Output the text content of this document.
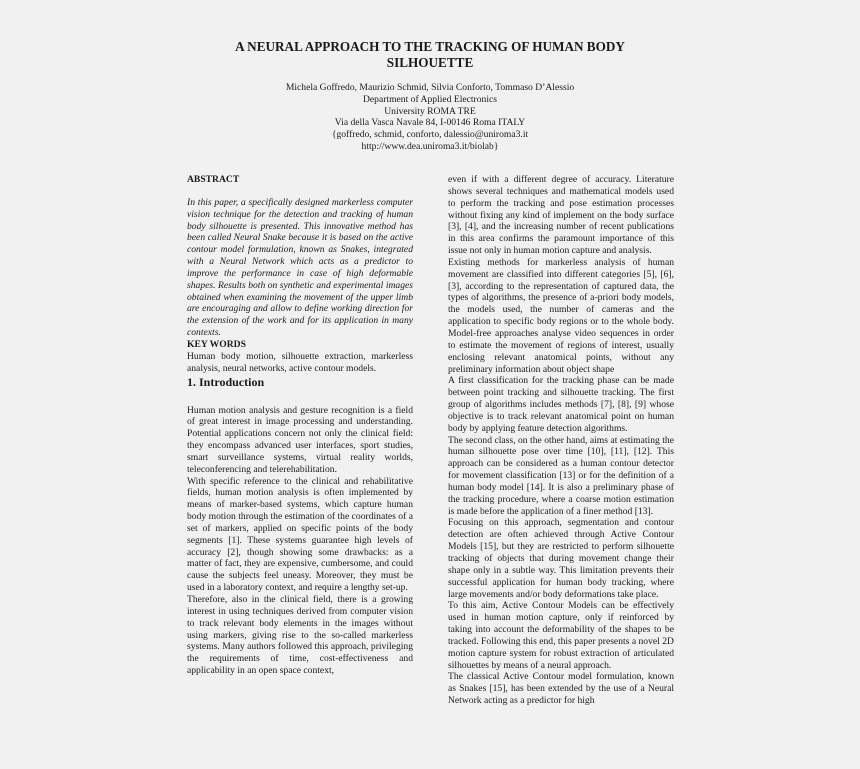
A NEURAL APPROACH TO THE TRACKING OF HUMAN BODY
SILHOUETTE
Michela Goffredo, Maurizio Schmid, Silvia Conforto, Tommaso D’Alessio
Department of Applied Electronics
University ROMA TRE
Via della Vasca Navale 84, I-00146 Roma ITALY
{goffredo, schmid, conforto, dalessio@uniroma3.it
http://www.dea.uniroma3.it/biolab}

ABSTRACT

In this paper, a specifically designed markerless computer vision technique for the detection and tracking of human body silhouette is presented. This innovative method has been called Neural Snake because it is based on the active contour model formulation, known as Snakes, integrated with a Neural Network which acts as a predictor to improve the performance in case of high deformable shapes. Results both on synthetic and experimental images obtained when examining the movement of the upper limb are encouraging and allow to define working direction for the extension of the work and for its application in many contexts.

KEY WORDS

Human body motion, silhouette extraction, markerless analysis, neural networks, active contour models.

1. Introduction

Human motion analysis and gesture recognition is a field of great interest in image processing and understanding. Potential applications concern not only the clinical field: they encompass advanced user interfaces, sport studies, smart surveillance systems, virtual reality worlds, teleconferencing and telerehabilitation.

With specific reference to the clinical and rehabilitative fields, human motion analysis is often implemented by means of marker-based systems, which capture human body motion through the estimation of the coordinates of a set of markers, applied on specific points of the body segments [1]. These systems guarantee high levels of accuracy [2], though showing some drawbacks: as a matter of fact, they are expensive, cumbersome, and could cause the subjects feel uneasy. Moreover, they must be used in a laboratory context, and require a lengthy set-up.

Therefore, also in the clinical field, there is a growing interest in using techniques derived from computer vision to track relevant body elements in the images without using markers, giving rise to the so-called markerless systems. Many authors followed this approach, privileging the requirements of time, cost-effectiveness and applicability in an open space context,

even if with a different degree of accuracy. Literature shows several techniques and mathematical models used to perform the tracking and pose estimation processes without fixing any kind of implement on the body surface [3], [4], and the increasing number of recent publications in this area confirms the paramount importance of this issue not only in human motion capture and analysis.

Existing methods for markerless analysis of human movement are classified into different categories [5], [6], [3], according to the representation of captured data, the types of algorithms, the presence of a-priori body models, the models used, the number of cameras and the application to specific body regions or to the whole body. Model-free approaches analyse video sequences in order to estimate the movement of regions of interest, usually enclosing relevant anatomical points, without any preliminary information about object shape

A first classification for the tracking phase can be made between point tracking and silhouette tracking. The first group of algorithms includes methods [7], [8], [9] whose objective is to track relevant anatomical point on human body by applying feature detection algorithms.

The second class, on the other hand, aims at estimating the human silhouette pose over time [10], [11], [12]. This approach can be considered as a human contour detector for movement classification [13] or for the definition of a human body model [14]. It is also a preliminary phase of the tracking procedure, where a coarse motion estimation is made before the application of a finer method [13].

Focusing on this approach, segmentation and contour detection are often achieved through Active Contour Models [15], but they are restricted to perform silhouette tracking of objects that during movement change their shape only in a subtle way. This limitation prevents their successful application for human body tracking, where large movements and/or body deformations take place.

To this aim, Active Contour Models can be effectively used in human motion capture, only if reinforced by taking into account the deformability of the shapes to be tracked. Following this end, this paper presents a novel 2D motion capture system for robust extraction of articulated silhouettes by means of a neural approach.

The classical Active Contour model formulation, known as Snakes [15], has been extended by the use of a Neural Network acting as a predictor for high
